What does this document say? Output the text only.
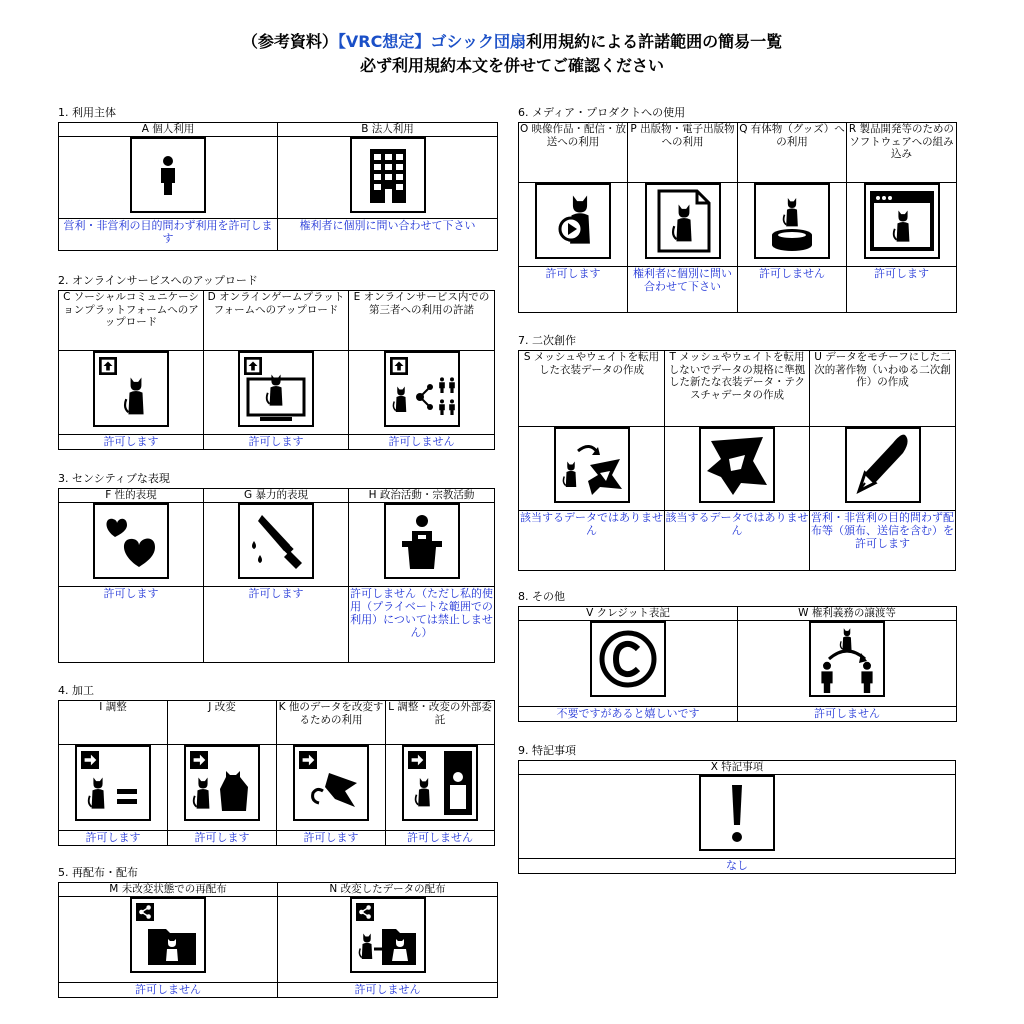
（参考資料）【VRC想定】ゴシック団扇利用規約による許諾範囲の簡易一覧
必ず利用規約本文を併せてご確認ください
1. 利用主体
A 個人利用	B 法人利用

営利・非営利の目的問わず利用を許可します	権利者に個別に問い合わせて下さい
2. オンラインサービスへのアップロード
C ソーシャルコミュニケーションプラットフォームへのアップロード	D オンラインゲームプラットフォームへのアップロード	E オンラインサービス内での第三者への利用の許諾

許可します	許可します	許可しません
3. センシティブな表現
F 性的表現	G 暴力的表現	H 政治活動・宗教活動

許可します	許可します	許可しません（ただし私的使用（プライベートな範囲での利用）については禁止しません）
4. 加工
I 調整	J 改変	K 他のデータを改変するための利用	L 調整・改変の外部委託

許可します	許可します	許可します	許可しません
5. 再配布・配布
M 未改変状態での再配布	N 改変したデータの配布

許可しません	許可しません
6. メディア・プロダクトへの使用
O 映像作品・配信・放送への利用	P 出版物・電子出版物への利用	Q 有体物（グッズ）への利用	R 製品開発等のためのソフトウェアへの組み込み

許可します	権利者に個別に問い合わせて下さい	許可しません	許可します
7. 二次創作
S メッシュやウェイトを転用した衣装データの作成	T メッシュやウェイトを転用しないでデータの規格に準拠した新たな衣装データ・テクスチャデータの作成	U データをモチーフにした二次的著作物（いわゆる二次創作）の作成

該当するデータではありません	該当するデータではありません	営利・非営利の目的問わず配布等（頒布、送信を含む）を許可します
8. その他
V クレジット表記	W 権利義務の譲渡等

不要ですがあると嬉しいです	許可しません
9. 特記事項
X 特記事項

なし
